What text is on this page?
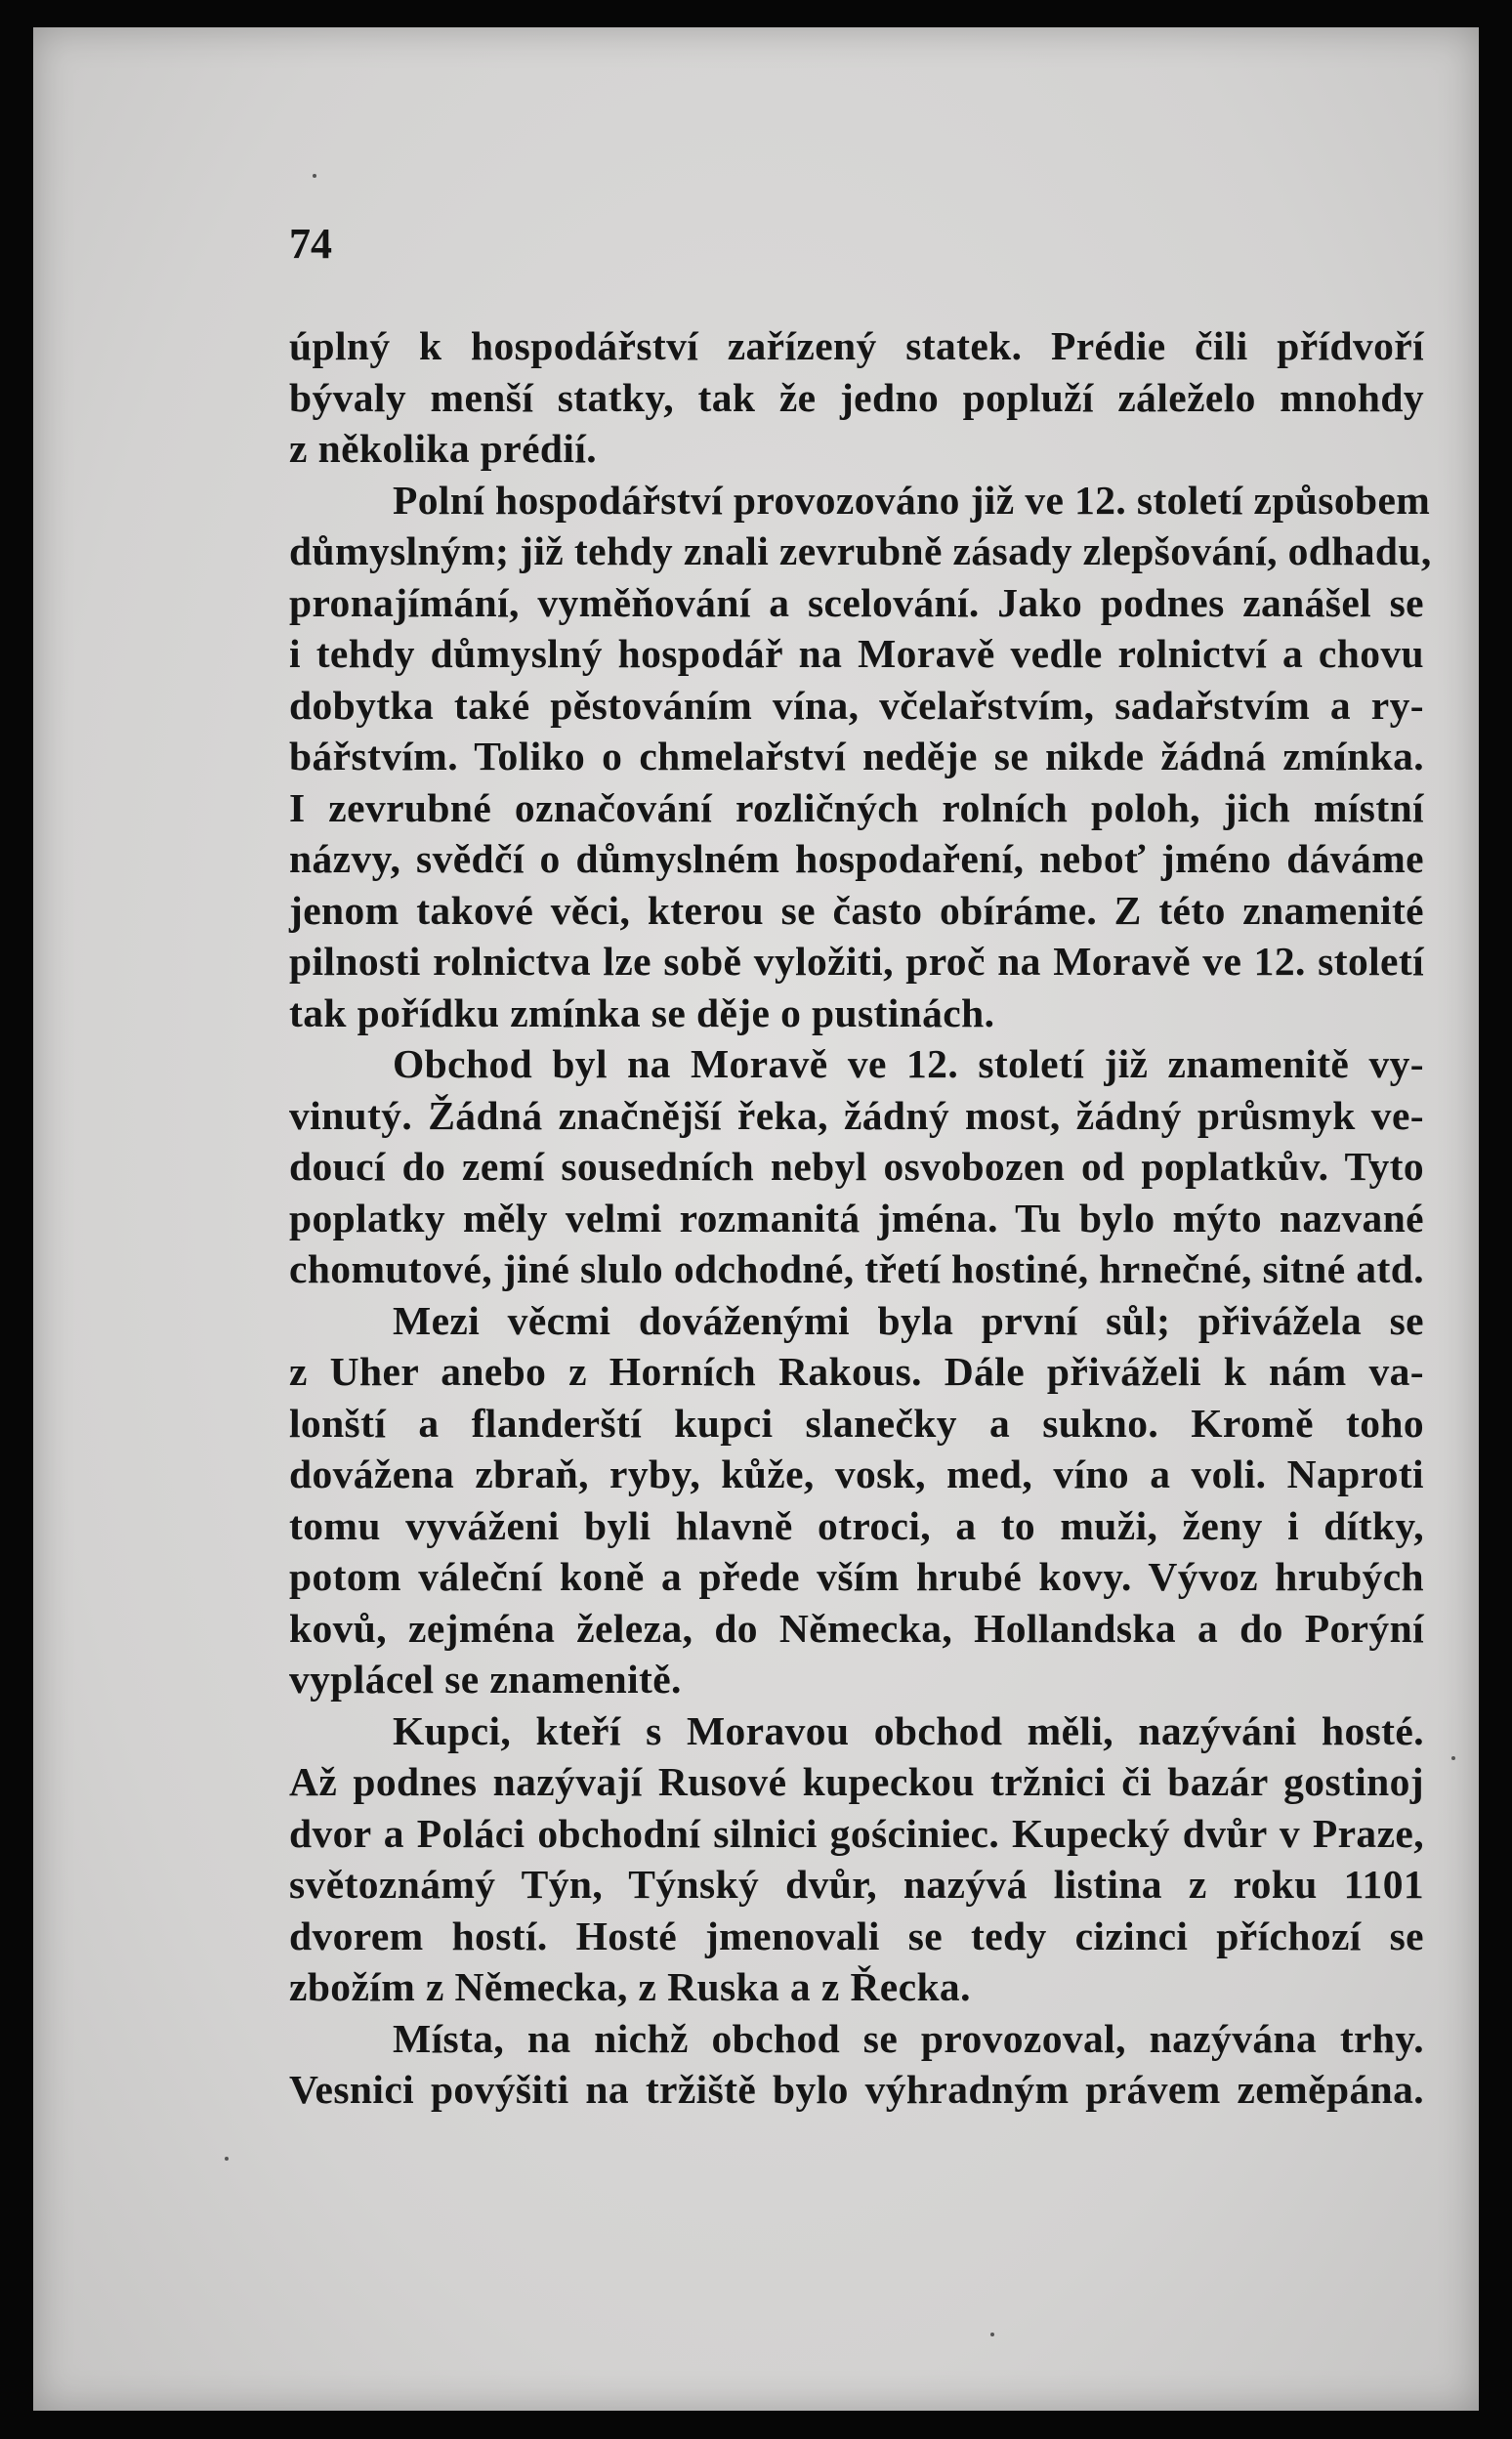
74
úplný k hospodářství zařízený statek. Prédie čili přídvoří
bývaly menší statky, tak že jedno popluží záleželo mnohdy
z několika prédií.
Polní hospodářství provozováno již ve 12. století způsobem
důmyslným; již tehdy znali zevrubně zásady zlepšování, odhadu,
pronajímání, vyměňování a scelování. Jako podnes zanášel se
i tehdy důmyslný hospodář na Moravě vedle rolnictví a chovu
dobytka také pěstováním vína, včelařstvím, sadařstvím a ry-
bářstvím. Toliko o chmelařství neděje se nikde žádná zmínka.
I zevrubné označování rozličných rolních poloh, jich místní
názvy, svědčí o důmyslném hospodaření, neboť jméno dáváme
jenom takové věci, kterou se často obíráme. Z této znamenité
pilnosti rolnictva lze sobě vyložiti, proč na Moravě ve 12. století
tak pořídku zmínka se děje o pustinách.
Obchod byl na Moravě ve 12. století již znamenitě vy-
vinutý. Žádná značnější řeka, žádný most, žádný průsmyk ve-
doucí do zemí sousedních nebyl osvobozen od poplatkův. Tyto
poplatky měly velmi rozmanitá jména. Tu bylo mýto nazvané
chomutové, jiné slulo odchodné, třetí hostiné, hrnečné, sitné atd.
Mezi věcmi dováženými byla první sůl; přivážela se
z Uher anebo z Horních Rakous. Dále přiváželi k nám va-
lonští a flanderští kupci slanečky a sukno. Kromě toho
dovážena zbraň, ryby, kůže, vosk, med, víno a voli. Naproti
tomu vyváženi byli hlavně otroci, a to muži, ženy i dítky,
potom váleční koně a přede vším hrubé kovy. Vývoz hrubých
kovů, zejména železa, do Německa, Hollandska a do Porýní
vyplácel se znamenitě.
Kupci, kteří s Moravou obchod měli, nazýváni hosté.
Až podnes nazývají Rusové kupeckou tržnici či bazár gostinoj
dvor a Poláci obchodní silnici gościniec. Kupecký dvůr v Praze,
světoznámý Týn, Týnský dvůr, nazývá listina z roku 1101
dvorem hostí. Hosté jmenovali se tedy cizinci příchozí se
zbožím z Německa, z Ruska a z Řecka.
Místa, na nichž obchod se provozoval, nazývána trhy.
Vesnici povýšiti na tržiště bylo výhradným právem zeměpána.
